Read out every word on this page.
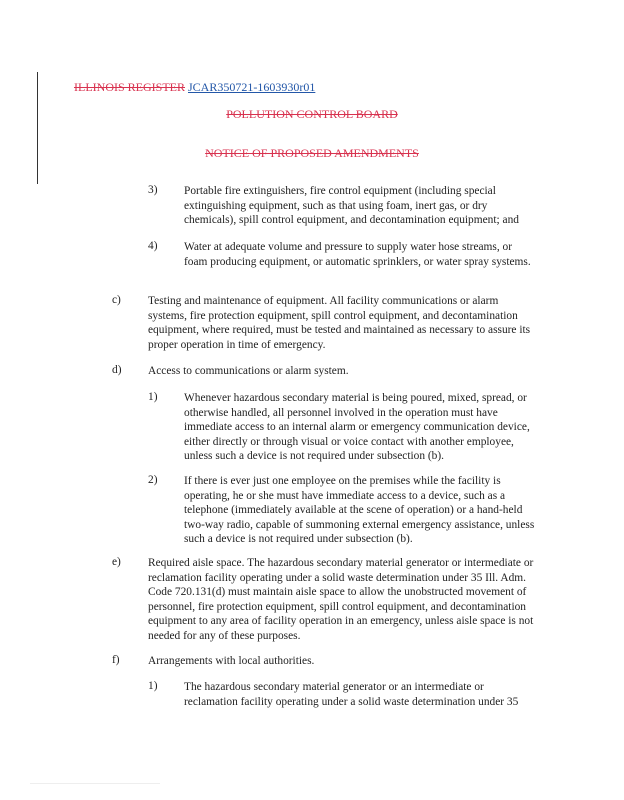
ILLINOIS REGISTER JCAR350721-1603930r01
POLLUTION CONTROL BOARD
NOTICE OF PROPOSED AMENDMENTS
3) Portable fire extinguishers, fire control equipment (including special extinguishing equipment, such as that using foam, inert gas, or dry chemicals), spill control equipment, and decontamination equipment; and
4) Water at adequate volume and pressure to supply water hose streams, or foam producing equipment, or automatic sprinklers, or water spray systems.
c) Testing and maintenance of equipment. All facility communications or alarm systems, fire protection equipment, spill control equipment, and decontamination equipment, where required, must be tested and maintained as necessary to assure its proper operation in time of emergency.
d) Access to communications or alarm system.
1) Whenever hazardous secondary material is being poured, mixed, spread, or otherwise handled, all personnel involved in the operation must have immediate access to an internal alarm or emergency communication device, either directly or through visual or voice contact with another employee, unless such a device is not required under subsection (b).
2) If there is ever just one employee on the premises while the facility is operating, he or she must have immediate access to a device, such as a telephone (immediately available at the scene of operation) or a hand-held two-way radio, capable of summoning external emergency assistance, unless such a device is not required under subsection (b).
e) Required aisle space. The hazardous secondary material generator or intermediate or reclamation facility operating under a solid waste determination under 35 Ill. Adm. Code 720.131(d) must maintain aisle space to allow the unobstructed movement of personnel, fire protection equipment, spill control equipment, and decontamination equipment to any area of facility operation in an emergency, unless aisle space is not needed for any of these purposes.
f) Arrangements with local authorities.
1) The hazardous secondary material generator or an intermediate or reclamation facility operating under a solid waste determination under 35
